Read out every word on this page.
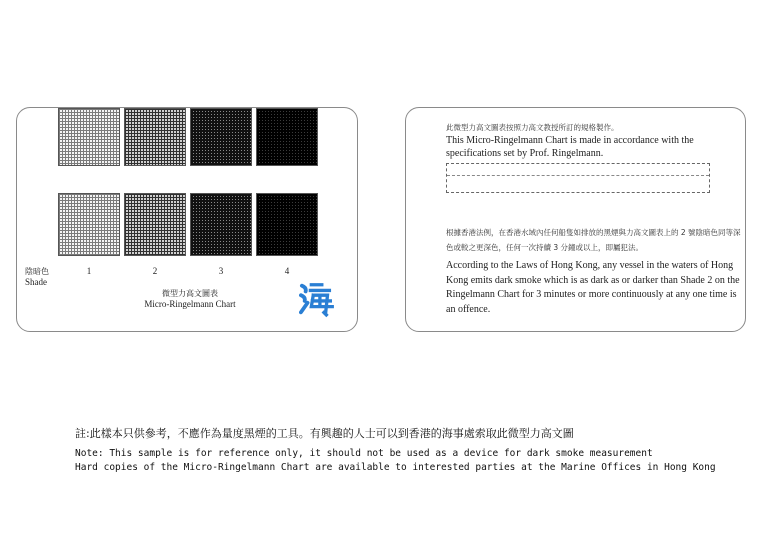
陰暗色
Shade
1	2	3	4
微型力高文圖表
Micro-Ringelmann Chart
此微型力高文圖表按照力高文教授所訂的規格製作。
This Micro-Ringelmann Chart is made in accordance with the specifications set by Prof. Ringelmann.
根據香港法例，在香港水域內任何船隻如排放的黑煙與力高文圖表上的 2 號陰暗色同等深色或較之更深色，任何一次持續 3 分鐘或以上，即屬犯法。
According to the Laws of Hong Kong, any vessel in the waters of Hong Kong emits dark smoke which is as dark as or darker than Shade 2 on the Ringelmann Chart for 3 minutes or more continuously at any one time is an offence.
註:此樣本只供參考，不應作為量度黑煙的工具。有興趣的人士可以到香港的海事處索取此微型力高文圖
Note: This sample is for reference only, it should not be used as a device for dark smoke measurement
Hard copies of the Micro-Ringelmann Chart are available to interested parties at the Marine Offices in Hong Kong
